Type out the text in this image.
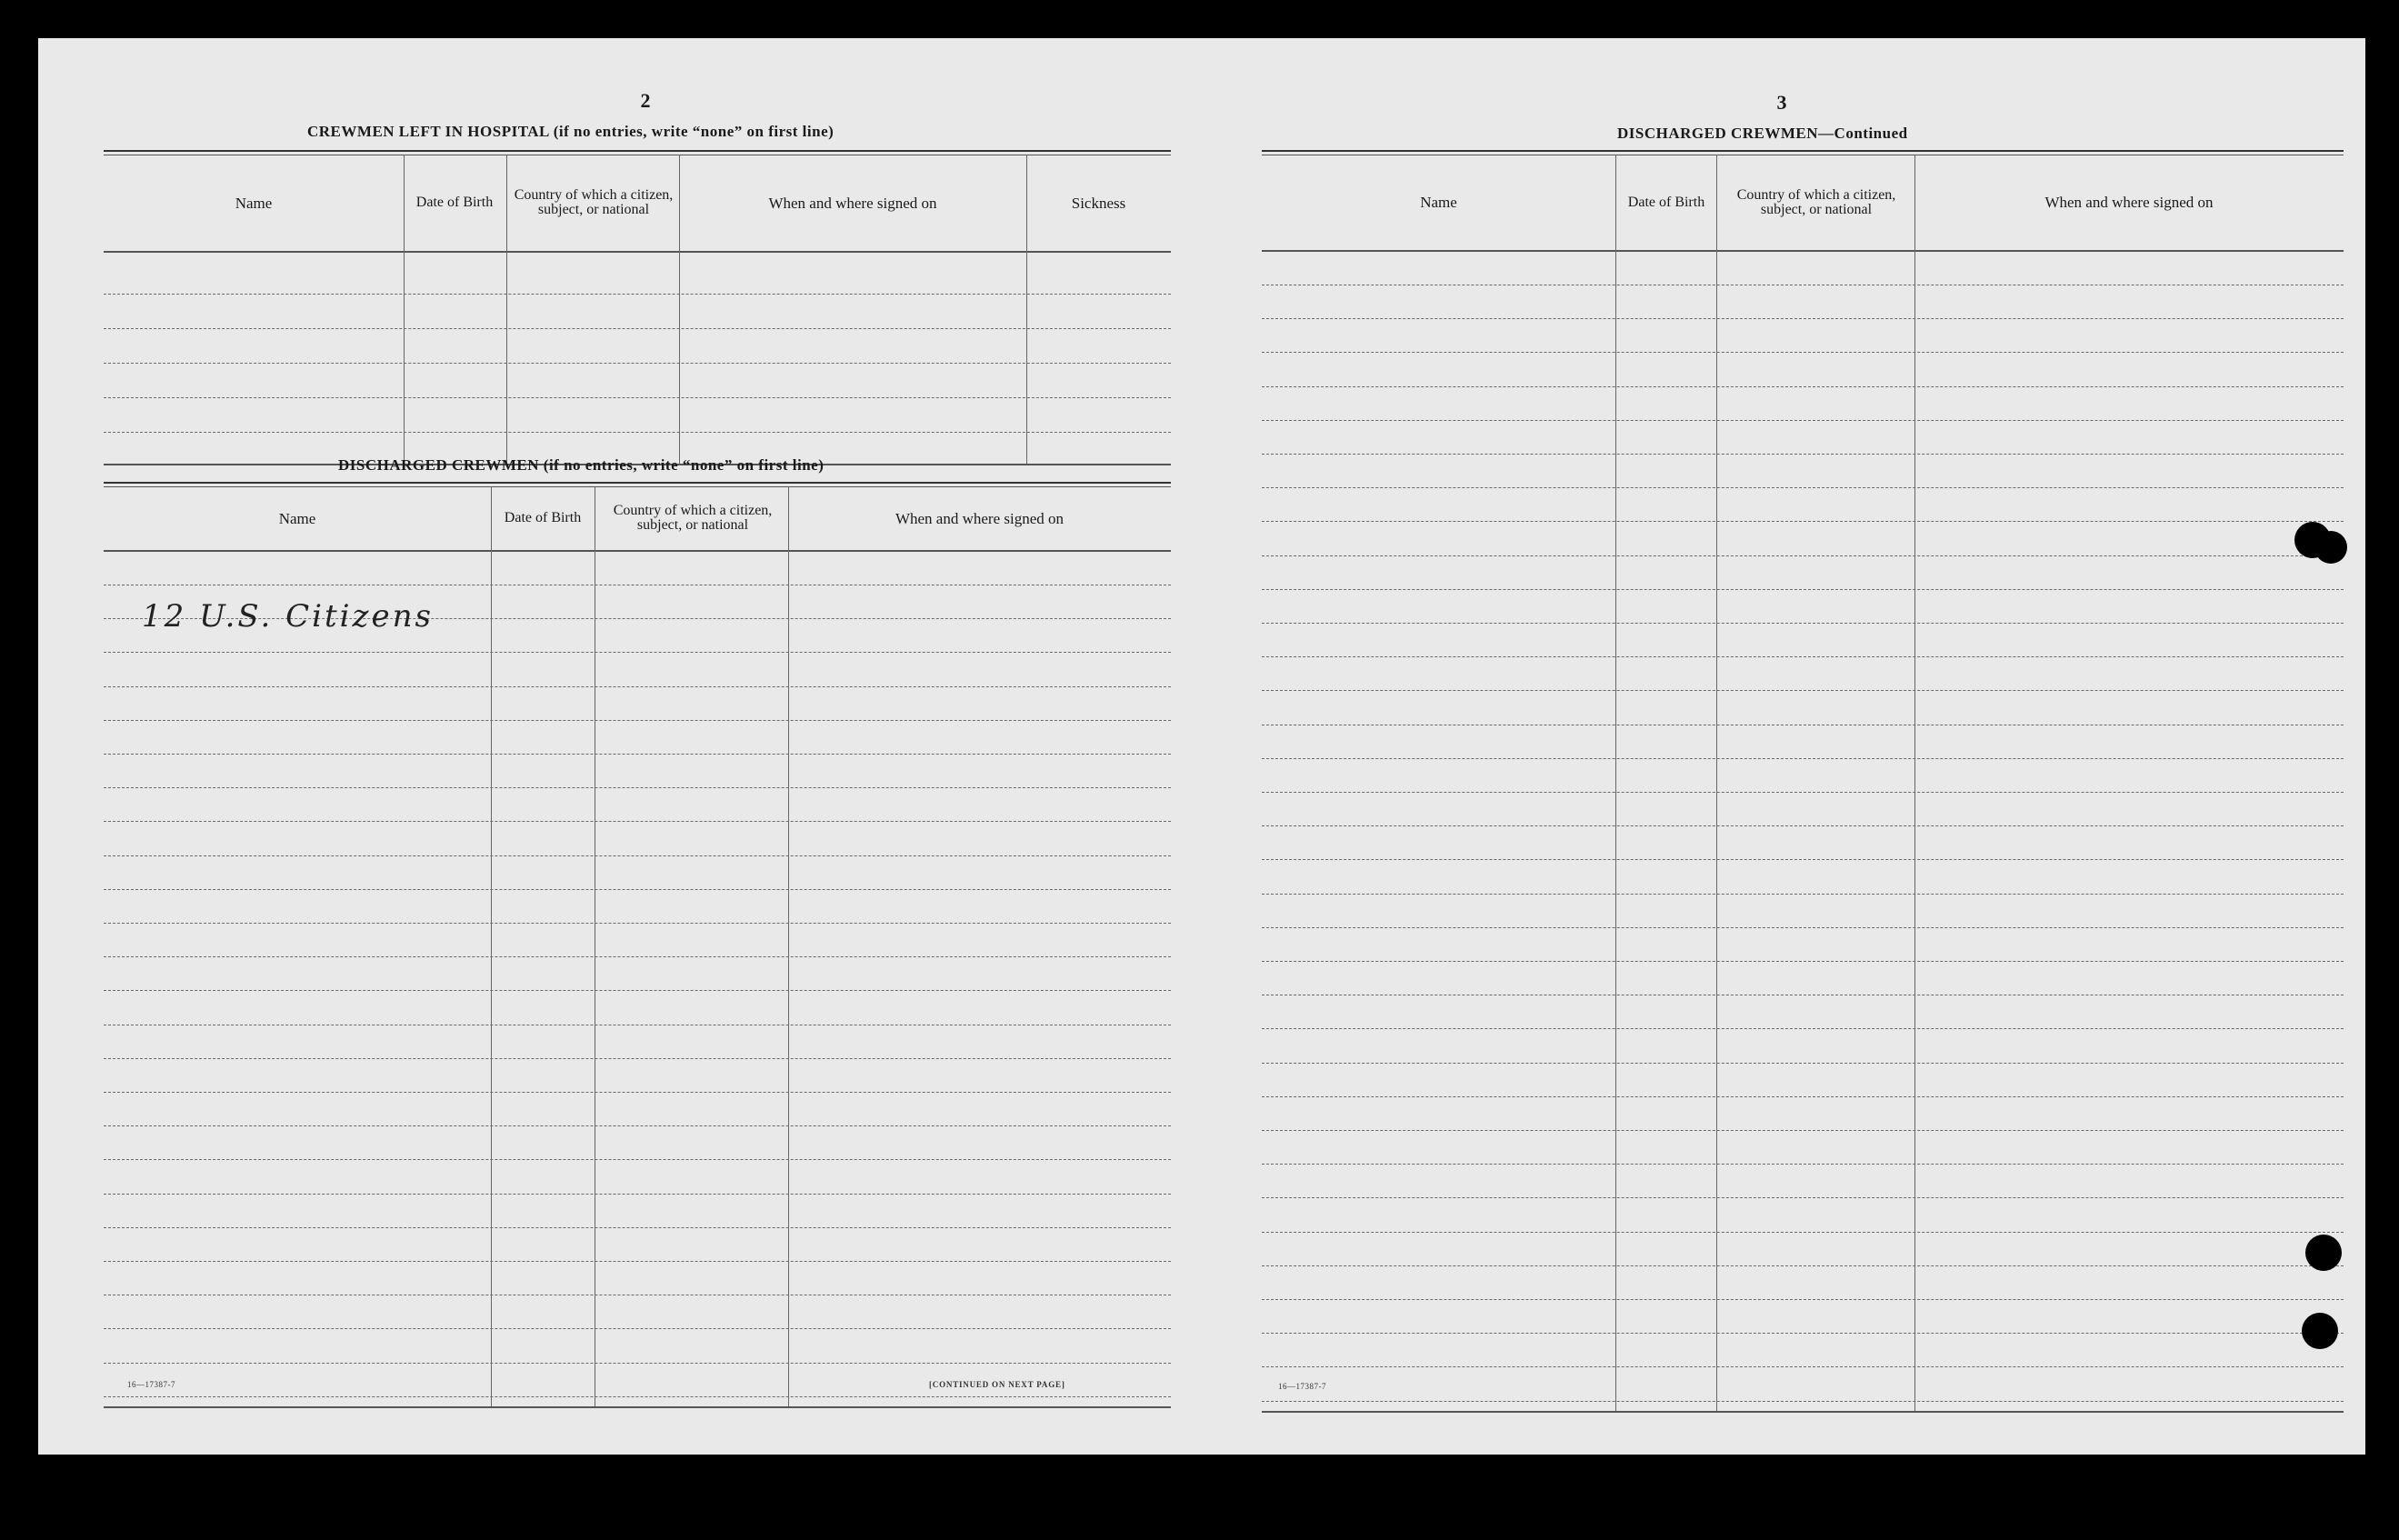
2
CREWMEN LEFT IN HOSPITAL (if no entries, write “none” on first line)
Name	Date of Birth	Country of which a citizen, subject, or national	When and where signed on	Sickness
DISCHARGED CREWMEN (if no entries, write “none” on first line)
Name	Date of Birth	Country of which a citizen, subject, or national	When and where signed on
12 U.S. Citizens
16—17387-7	[CONTINUED ON NEXT PAGE]
3
DISCHARGED CREWMEN—Continued
Name	Date of Birth	Country of which a citizen, subject, or national	When and where signed on
16—17387-7
